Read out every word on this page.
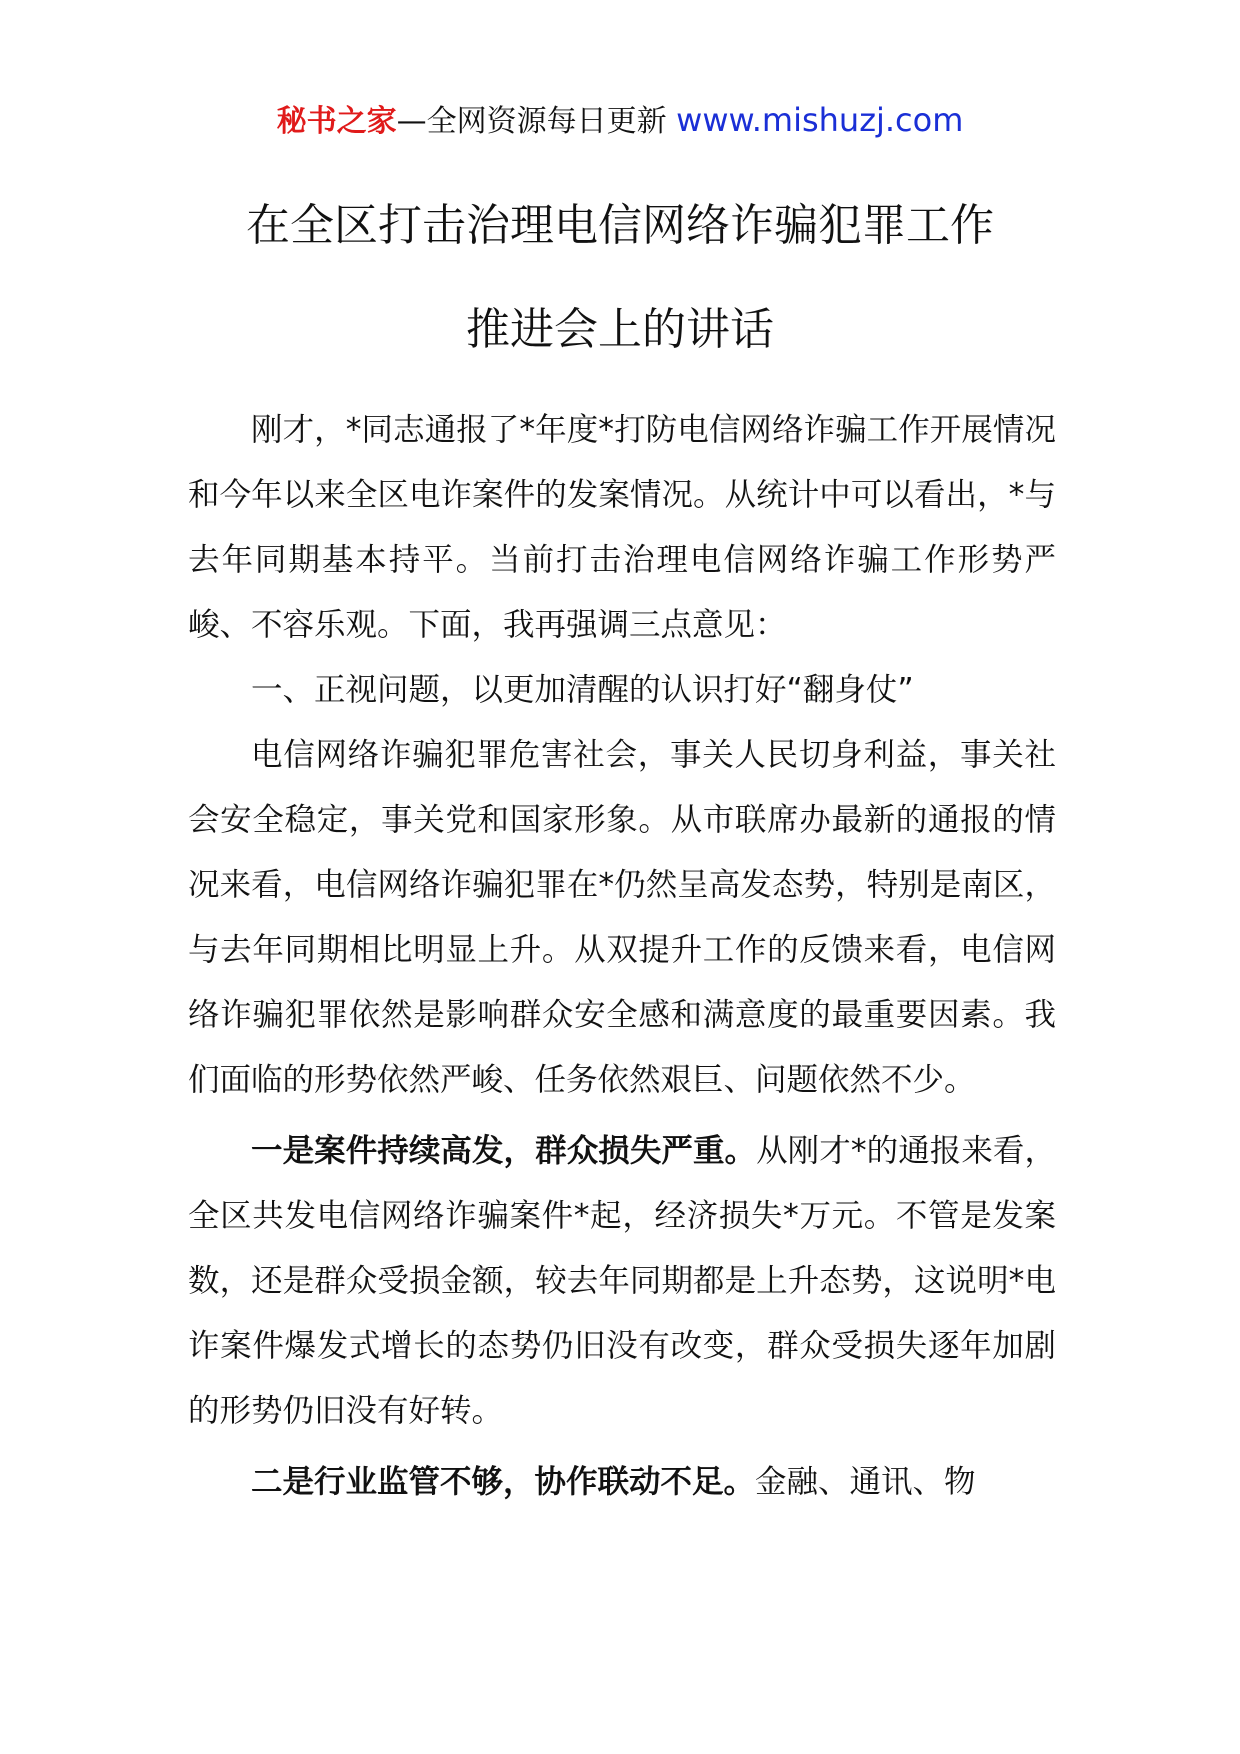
秘书之家—全网资源每日更新 www.mishuzj.com
在全区打击治理电信网络诈骗犯罪工作
推进会上的讲话

刚才，*同志通报了*年度*打防电信网络诈骗工作开展情况和今年以来全区电诈案件的发案情况。从统计中可以看出，*与去年同期基本持平。当前打击治理电信网络诈骗工作形势严峻、不容乐观。下面，我再强调三点意见：

一、正视问题，以更加清醒的认识打好“翻身仗”

电信网络诈骗犯罪危害社会，事关人民切身利益，事关社会安全稳定，事关党和国家形象。从市联席办最新的通报的情况来看，电信网络诈骗犯罪在*仍然呈高发态势，特别是南区，与去年同期相比明显上升。从双提升工作的反馈来看，电信网络诈骗犯罪依然是影响群众安全感和满意度的最重要因素。我们面临的形势依然严峻、任务依然艰巨、问题依然不少。

一是案件持续高发，群众损失严重。从刚才*的通报来看，全区共发电信网络诈骗案件*起，经济损失*万元。不管是发案数，还是群众受损金额，较去年同期都是上升态势，这说明*电诈案件爆发式增长的态势仍旧没有改变，群众受损失逐年加剧的形势仍旧没有好转。

二是行业监管不够，协作联动不足。金融、通讯、物
